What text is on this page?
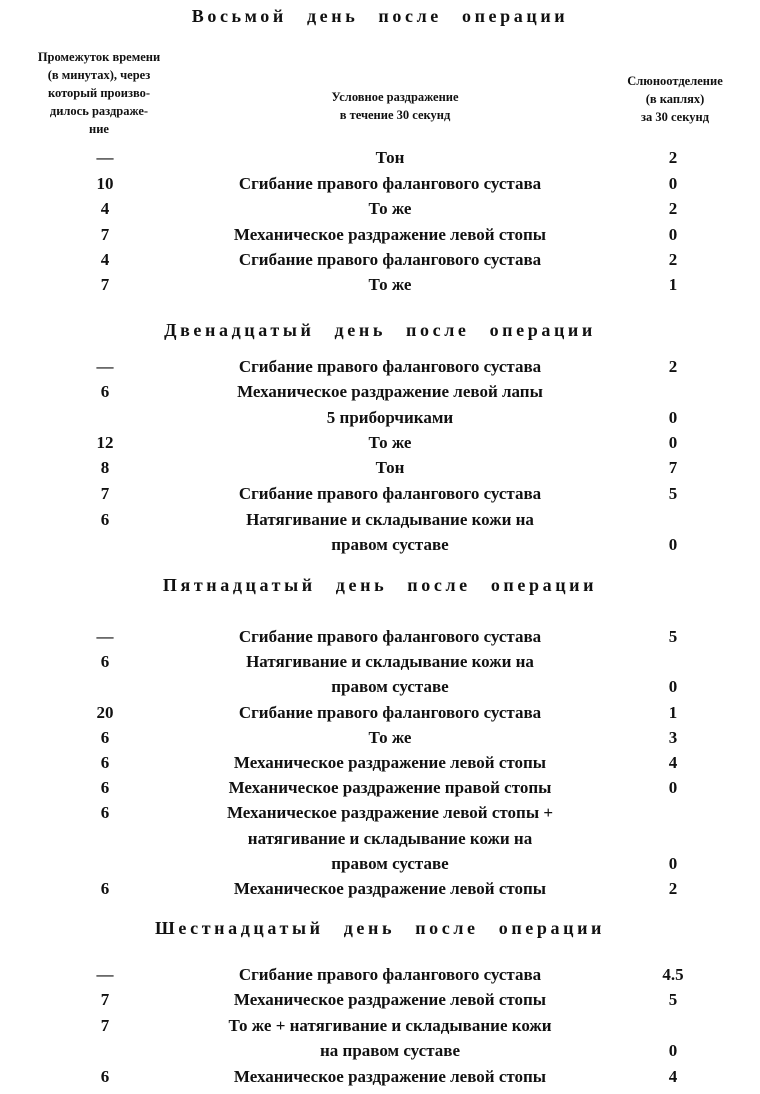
Восьмой день после операции
Промежуток времени
(в минутах), через
который произво-
дилось раздраже-
ние
Условное раздражение
в течение 30 секунд
Слюноотделение
(в каплях)
за 30 секунд
—	Тон	2
10	Сгибание правого фалангового сустава	0
4	То же	2
7	Механическое раздражение левой стопы	0
4	Сгибание правого фалангового сустава	2
7	То же	1
Двенадцатый день после операции
—	Сгибание правого фалангового сустава	2
6	Механическое раздражение левой лапы
5 приборчиками	0
12	То же	0
8	Тон	7
7	Сгибание правого фалангового сустава	5
6	Натягивание и складывание кожи на
правом суставе	0
Пятнадцатый день после операции
—	Сгибание правого фалангового сустава	5
6	Натягивание и складывание кожи на
правом суставе	0
20	Сгибание правого фалангового сустава	1
6	То же	3
6	Механическое раздражение левой стопы	4
6	Механическое раздражение правой стопы	0
6	Механическое раздражение левой стопы +
натягивание и складывание кожи на
правом суставе	0
6	Механическое раздражение левой стопы	2
Шестнадцатый день после операции
—	Сгибание правого фалангового сустава	4.5
7	Механическое раздражение левой стопы	5
7	То же + натягивание и складывание кожи
на правом суставе	0
6	Механическое раздражение левой стопы	4
